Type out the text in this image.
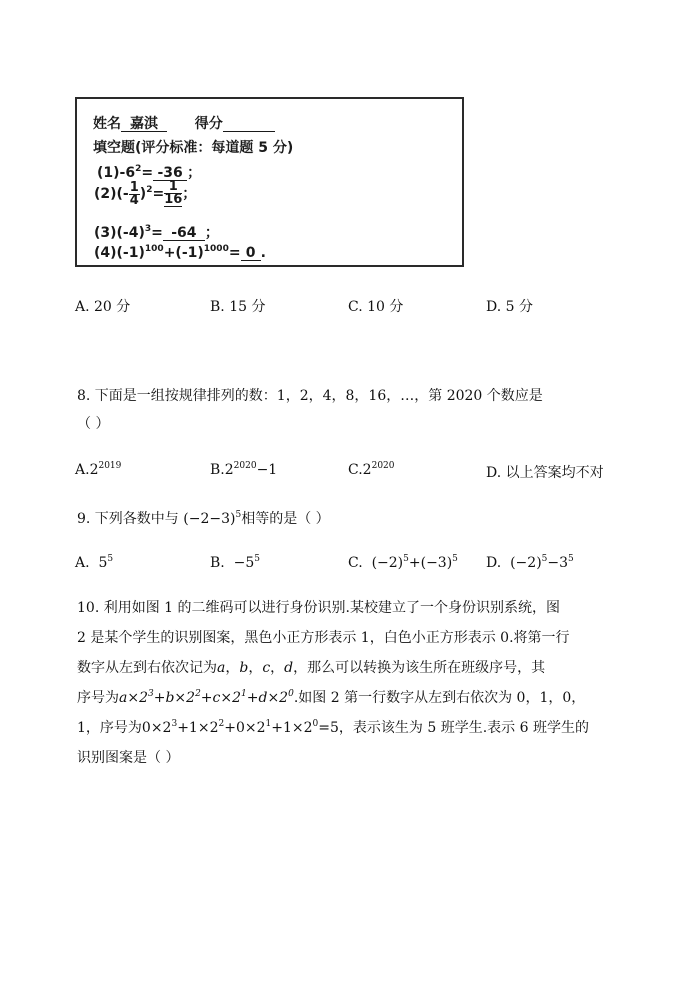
姓名 嘉淇	得分
填空题(评分标准：每道题 5 分)
$(1)-6^2= -36$ ；
$(2)(- \frac{1}{4} )^2= \frac{1}{16}$ ；
$(3)(-4)^3= -64$ ；
$(4)(-1)^{100}+(-1)^{1000}= 0$ .
A. 20 分	B. 15 分	C. 10 分	D. 5 分
8. 下面是一组按规律排列的数：1，2，4，8，16，…，第 2020 个数应是
（ ）
$A.2^{2019}$	$B.2^{2020}-1$	$C.2^{2020}$	D. 以上答案均不对
9. 下列各数中与 $(-2-3)^5$相等的是（ ）
A. $5^5$	B. $-5^5$	C. $(-2)^5+(-3)^5$ D. $(-2)^5-3^5$
10. 利用如图 1 的二维码可以进行身份识别.某校建立了一个身份识别系统，图
2 是某个学生的识别图案，黑色小正方形表示 1，白色小正方形表示 0.将第一行
数字从左到右依次记为a，b，c，d，那么可以转换为该生所在班级序号，其
序号为$a\times 2^3+b\times 2^2+c\times 2^1+d\times 2^0$.如图 2 第一行数字从左到右依次为 0，1，0，
1，序号为$0\times 2^3+1\times 2^2+0\times 2^1+1\times 2^0=5$，表示该生为 5 班学生.表示 6 班学生的
识别图案是（ ）
